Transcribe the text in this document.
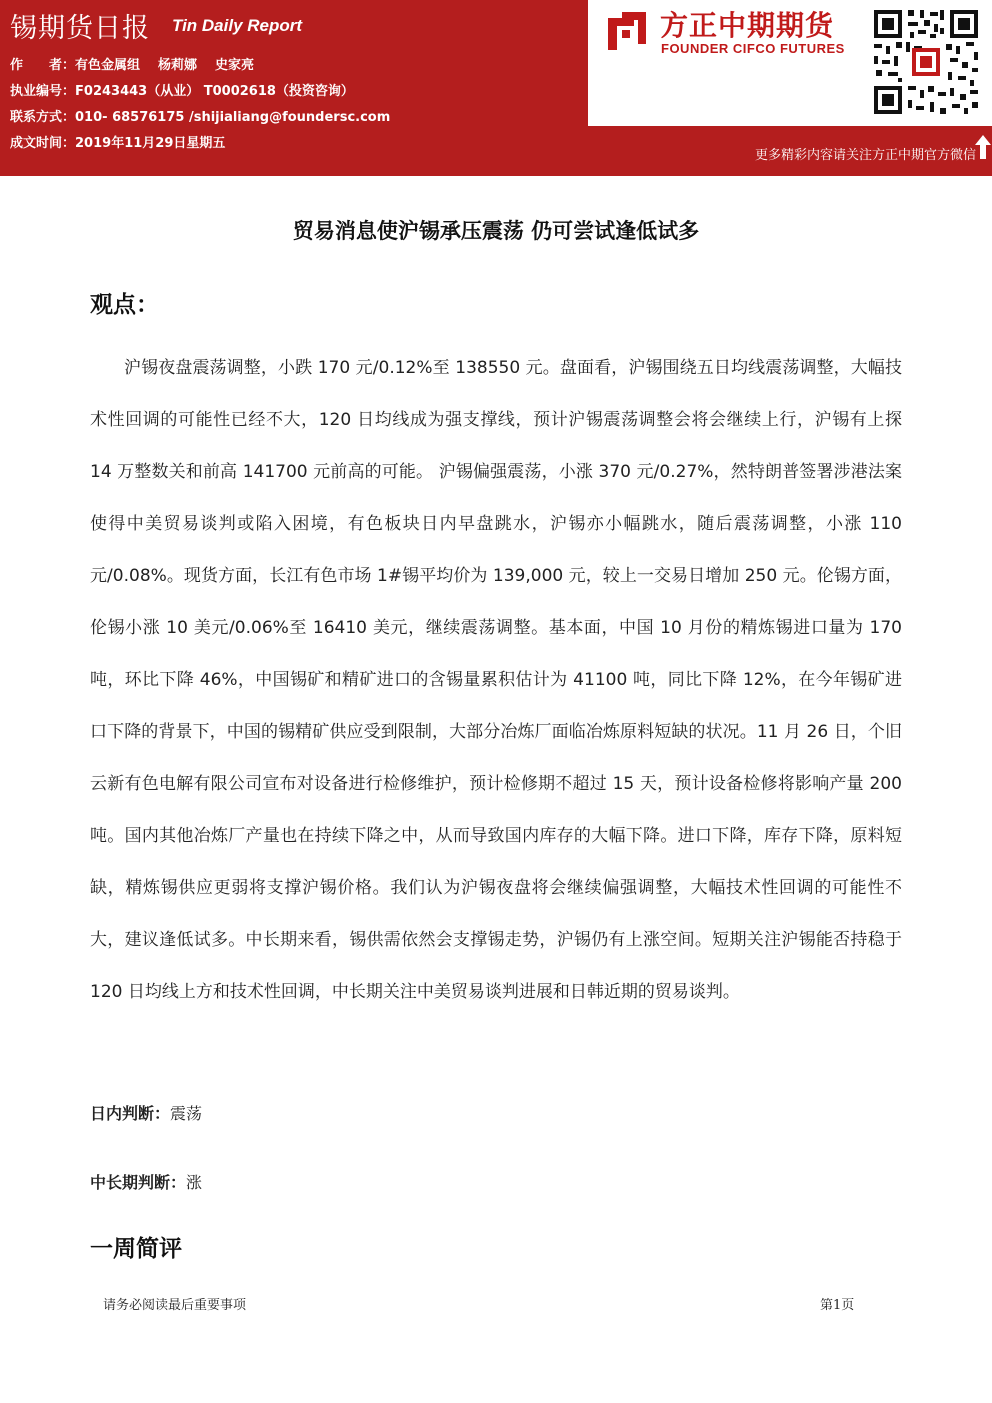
锡期货日报 Tin Daily Report
作　　者：有色金属组 杨莉娜 史家亮
执业编号：F0243443（从业） T0002618（投资咨询）
联系方式：010- 68576175 /shijialiang@foundersc.com
成文时间：2019年11月29日星期五
方正中期期货
FOUNDER CIFCO FUTURES
更多精彩内容请关注方正中期官方微信
贸易消息使沪锡承压震荡 仍可尝试逢低试多
观点：
沪锡夜盘震荡调整，小跌 170 元/0.12%至 138550 元。盘面看，沪锡围绕五日均线震荡调整，大幅技术性回调的可能性已经不大，120 日均线成为强支撑线，预计沪锡震荡调整会将会继续上行，沪锡有上探 14 万整数关和前高 141700 元前高的可能。 沪锡偏强震荡，小涨 370 元/0.27%，然特朗普签署涉港法案使得中美贸易谈判或陷入困境，有色板块日内早盘跳水，沪锡亦小幅跳水，随后震荡调整，小涨 110 元/0.08%。现货方面，长江有色市场 1#锡平均价为 139,000 元，较上一交易日增加 250 元。伦锡方面，伦锡小涨 10 美元/0.06%至 16410 美元，继续震荡调整。基本面，中国 10 月份的精炼锡进口量为 170 吨，环比下降 46%，中国锡矿和精矿进口的含锡量累积估计为 41100 吨，同比下降 12%，在今年锡矿进口下降的背景下，中国的锡精矿供应受到限制，大部分冶炼厂面临冶炼原料短缺的状况。11 月 26 日，个旧云新有色电解有限公司宣布对设备进行检修维护，预计检修期不超过 15 天，预计设备检修将影响产量 200 吨。国内其他冶炼厂产量也在持续下降之中，从而导致国内库存的大幅下降。进口下降，库存下降，原料短缺，精炼锡供应更弱将支撑沪锡价格。我们认为沪锡夜盘将会继续偏强调整，大幅技术性回调的可能性不大，建议逢低试多。中长期来看，锡供需依然会支撑锡走势，沪锡仍有上涨空间。短期关注沪锡能否持稳于 120 日均线上方和技术性回调，中长期关注中美贸易谈判进展和日韩近期的贸易谈判。
日内判断：震荡
中长期判断：涨
一周简评
请务必阅读最后重要事项	第1页
